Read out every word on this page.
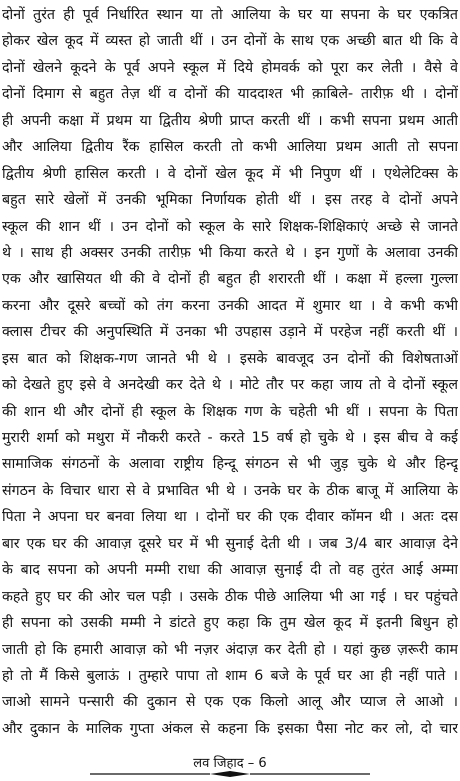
दोनों तुरंत ही पूर्व निर्धारित स्थान या तो आलिया के घर या सपना के घर एकत्रित
होकर खेल कूद में व्यस्त हो जाती थीं । उन दोनों के साथ एक अच्छी बात थी कि वे
दोनों खेलने कूदने के पूर्व अपने स्कूल में दिये होमवर्क को पूरा कर लेती । वैसे वे
दोनों दिमाग से बहुत तेज़ थीं व दोनों की याददाश्त भी क़ाबिले- तारीफ़ थी । दोनों
ही अपनी कक्षा में प्रथम या द्वितीय श्रेणी प्राप्त करती थीं । कभी सपना प्रथम आती
और आलिया द्वितीय रैंक हासिल करती तो कभी आलिया प्रथम आती तो सपना
द्वितीय श्रेणी हासिल करती । वे दोनों खेल कूद में भी निपुण थीं । एथेलेटिक्स के
बहुत सारे खेलों में उनकी भूमिका निर्णायक होती थीं । इस तरह वे दोनों अपने
स्कूल की शान थीं । उन दोनों को स्कूल के सारे शिक्षक-शिक्षिकाएं अच्छे से जानते
थे । साथ ही अक्सर उनकी तारीफ़ भी किया करते थे । इन गुणों के अलावा उनकी
एक और खासियत थी की वे दोनों ही बहुत ही शरारती थीं । कक्षा में हल्ला गुल्ला
करना और दूसरे बच्चों को तंग करना उनकी आदत में शुमार था । वे कभी कभी
क्लास टीचर की अनुपस्थिति में उनका भी उपहास उड़ाने में परहेज नहीं करती थीं ।
इस बात को शिक्षक-गण जानते भी थे । इसके बावजूद उन दोनों की विशेषताओं
को देखते हुए इसे वे अनदेखी कर देते थे । मोटे तौर पर कहा जाय तो वे दोनों स्कूल
की शान थी और दोनों ही स्कूल के शिक्षक गण के चहेती भी थीं । सपना के पिता
मुरारी शर्मा को मथुरा में नौकरी करते - करते 15 वर्ष हो चुके थे । इस बीच वे कई
सामाजिक संगठनों के अलावा राष्ट्रीय हिन्दू संगठन से भी जुड़ चुके थे और हिन्दू
संगठन के विचार धारा से वे प्रभावित भी थे । उनके घर के ठीक बाजू में आलिया के
पिता ने अपना घर बनवा लिया था । दोनों घर की एक दीवार कॉमन थी । अतः दस
बार एक घर की आवाज़ दूसरे घर में भी सुनाई देती थी । जब 3/4 बार आवाज़ देने
के बाद सपना को अपनी मम्मी राधा की आवाज़ सुनाई दी तो वह तुरंत आई अम्मा
कहते हुए घर की ओर चल पड़ी । उसके ठीक पीछे आलिया भी आ गई । घर पहुंचते
ही सपना को उसकी मम्मी ने डांटते हुए कहा कि तुम खेल कूद में इतनी बिधुन हो
जाती हो कि हमारी आवाज़ को भी नज़र अंदाज़ कर देती हो । यहां कुछ ज़रूरी काम
हो तो मैं किसे बुलाऊं । तुम्हारे पापा तो शाम 6 बजे के पूर्व घर आ ही नहीं पाते ।
जाओ सामने पन्सारी की दुकान से एक एक किलो आलू और प्याज ले आओ ।
और दुकान के मालिक गुप्ता अंकल से कहना कि इसका पैसा नोट कर लो, दो चार
लव जिहाद – 6
